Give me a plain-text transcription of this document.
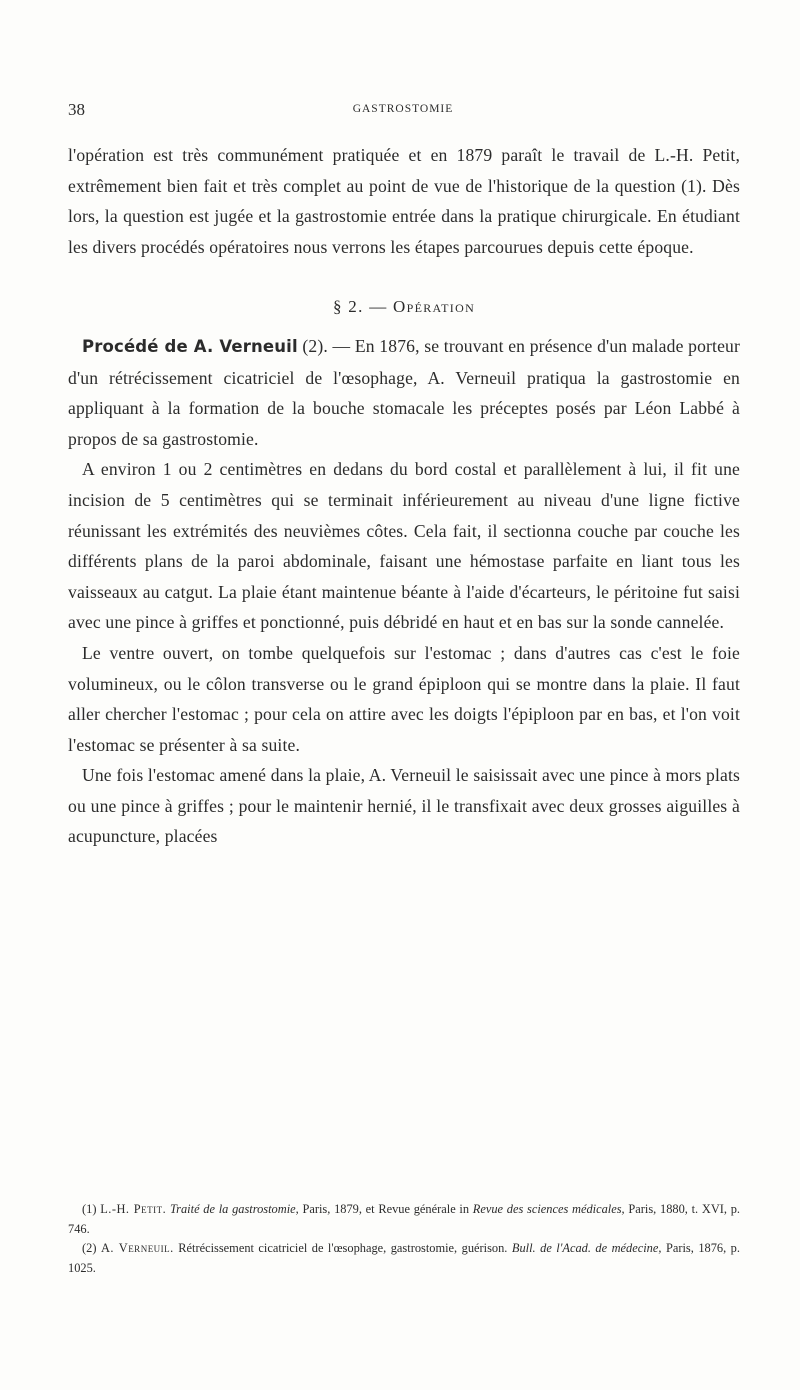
38	GASTROSTOMIE

l'opération est très communément pratiquée et en 1879 paraît le travail de L.-H. Petit, extrêmement bien fait et très complet au point de vue de l'historique de la question (1). Dès lors, la question est jugée et la gastrostomie entrée dans la pratique chirurgicale. En étudiant les divers procédés opératoires nous verrons les étapes parcourues depuis cette époque.

§ 2. — Opération

Procédé de A. Verneuil (2). — En 1876, se trouvant en présence d'un malade porteur d'un rétrécissement cicatriciel de l'œsophage, A. Verneuil pratiqua la gastrostomie en appliquant à la formation de la bouche stomacale les préceptes posés par Léon Labbé à propos de sa gastrostomie.

A environ 1 ou 2 centimètres en dedans du bord costal et parallèlement à lui, il fit une incision de 5 centimètres qui se terminait inférieurement au niveau d'une ligne fictive réunissant les extrémités des neuvièmes côtes. Cela fait, il sectionna couche par couche les différents plans de la paroi abdominale, faisant une hémostase parfaite en liant tous les vaisseaux au catgut. La plaie étant maintenue béante à l'aide d'écarteurs, le péritoine fut saisi avec une pince à griffes et ponctionné, puis débridé en haut et en bas sur la sonde cannelée.

Le ventre ouvert, on tombe quelquefois sur l'estomac ; dans d'autres cas c'est le foie volumineux, ou le côlon transverse ou le grand épiploon qui se montre dans la plaie. Il faut aller chercher l'estomac ; pour cela on attire avec les doigts l'épiploon par en bas, et l'on voit l'estomac se présenter à sa suite.

Une fois l'estomac amené dans la plaie, A. Verneuil le saisissait avec une pince à mors plats ou une pince à griffes ; pour le maintenir hernié, il le transfixait avec deux grosses aiguilles à acupuncture, placées

(1) L.-H. Petit. Traité de la gastrostomie, Paris, 1879, et Revue générale in Revue des sciences médicales, Paris, 1880, t. XVI, p. 746.

(2) A. Verneuil. Rétrécissement cicatriciel de l'œsophage, gastrostomie, guérison. Bull. de l'Acad. de médecine, Paris, 1876, p. 1025.
